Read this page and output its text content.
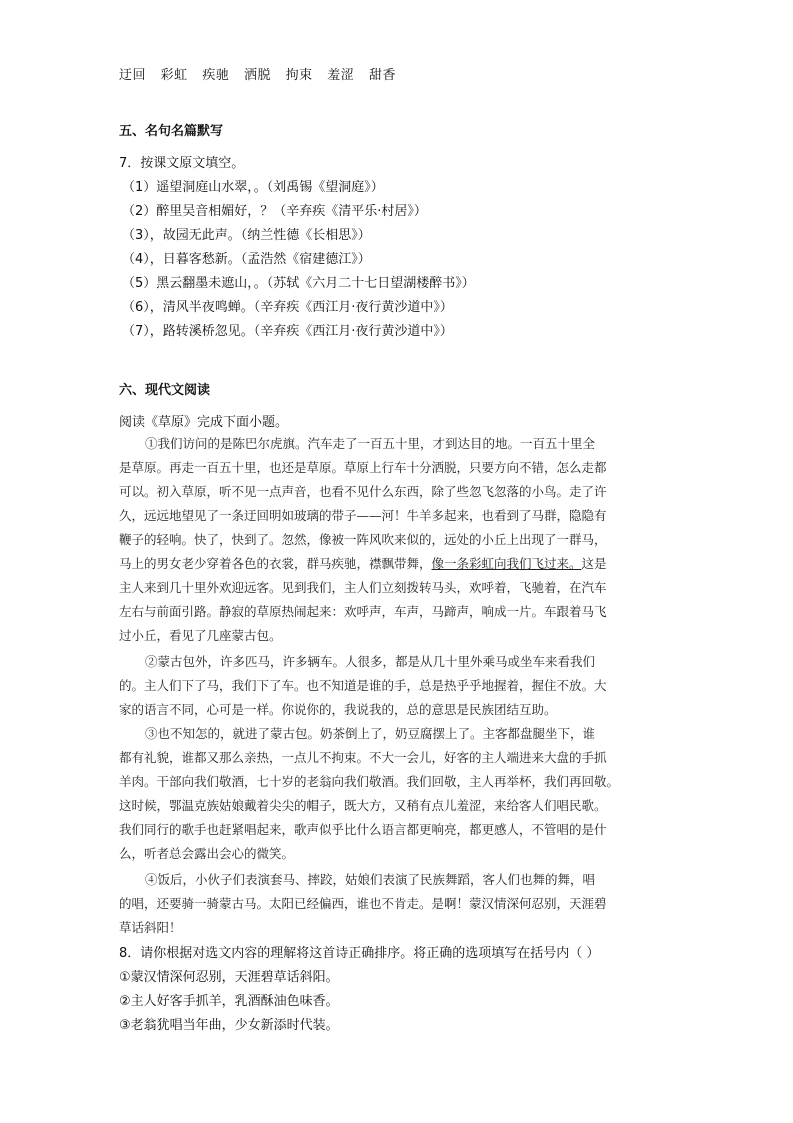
迂回 彩虹 疾驰 洒脱 拘束 羞涩 甜香
五、名句名篇默写
7．按课文原文填空。
（1）遥望洞庭山水翠，。（刘禹锡《望洞庭》）
（2）醉里吴音相媚好，？（辛弃疾《清平乐·村居》）
（3），故园无此声。（纳兰性德《长相思》）
（4），日暮客愁新。（孟浩然《宿建德江》）
（5）黑云翻墨未遮山，。（苏轼《六月二十七日望湖楼醉书》）
（6），清风半夜鸣蝉。（辛弃疾《西江月·夜行黄沙道中》）
（7），路转溪桥忽见。（辛弃疾《西江月·夜行黄沙道中》）
六、现代文阅读
阅读《草原》完成下面小题。
①我们访问的是陈巴尔虎旗。汽车走了一百五十里，才到达目的地。一百五十里全
是草原。再走一百五十里，也还是草原。草原上行车十分洒脱，只要方向不错，怎么走都
可以。初入草原，听不见一点声音，也看不见什么东西，除了些忽飞忽落的小鸟。走了许
久，远远地望见了一条迂回明如玻璃的带子——河！牛羊多起来，也看到了马群，隐隐有
鞭子的轻响。快了，快到了。忽然，像被一阵风吹来似的，远处的小丘上出现了一群马，
马上的男女老少穿着各色的衣裳，群马疾驰，襟飘带舞，像一条彩虹向我们飞过来。这是
主人来到几十里外欢迎远客。见到我们，主人们立刻拨转马头，欢呼着，飞驰着，在汽车
左右与前面引路。静寂的草原热闹起来：欢呼声，车声，马蹄声，响成一片。车跟着马飞
过小丘，看见了几座蒙古包。
②蒙古包外，许多匹马，许多辆车。人很多，都是从几十里外乘马或坐车来看我们
的。主人们下了马，我们下了车。也不知道是谁的手，总是热乎乎地握着，握住不放。大
家的语言不同，心可是一样。你说你的，我说我的，总的意思是民族团结互助。
③也不知怎的，就进了蒙古包。奶茶倒上了，奶豆腐摆上了。主客都盘腿坐下，谁
都有礼貌，谁都又那么亲热，一点儿不拘束。不大一会儿，好客的主人端进来大盘的手抓
羊肉。干部向我们敬酒，七十岁的老翁向我们敬酒。我们回敬，主人再举杯，我们再回敬。
这时候，鄂温克族姑娘戴着尖尖的帽子，既大方，又稍有点儿羞涩，来给客人们唱民歌。
我们同行的歌手也赶紧唱起来，歌声似乎比什么语言都更响亮，都更感人，不管唱的是什
么，听者总会露出会心的微笑。
④饭后，小伙子们表演套马、摔跤，姑娘们表演了民族舞蹈，客人们也舞的舞，唱
的唱，还要骑一骑蒙古马。太阳已经偏西，谁也不肯走。是啊！蒙汉情深何忍别，天涯碧
草话斜阳！
8．请你根据对选文内容的理解将这首诗正确排序。将正确的选项填写在括号内（ ）
①蒙汉情深何忍别，天涯碧草话斜阳。
②主人好客手抓羊，乳酒酥油色味香。
③老翁犹唱当年曲，少女新添时代装。
